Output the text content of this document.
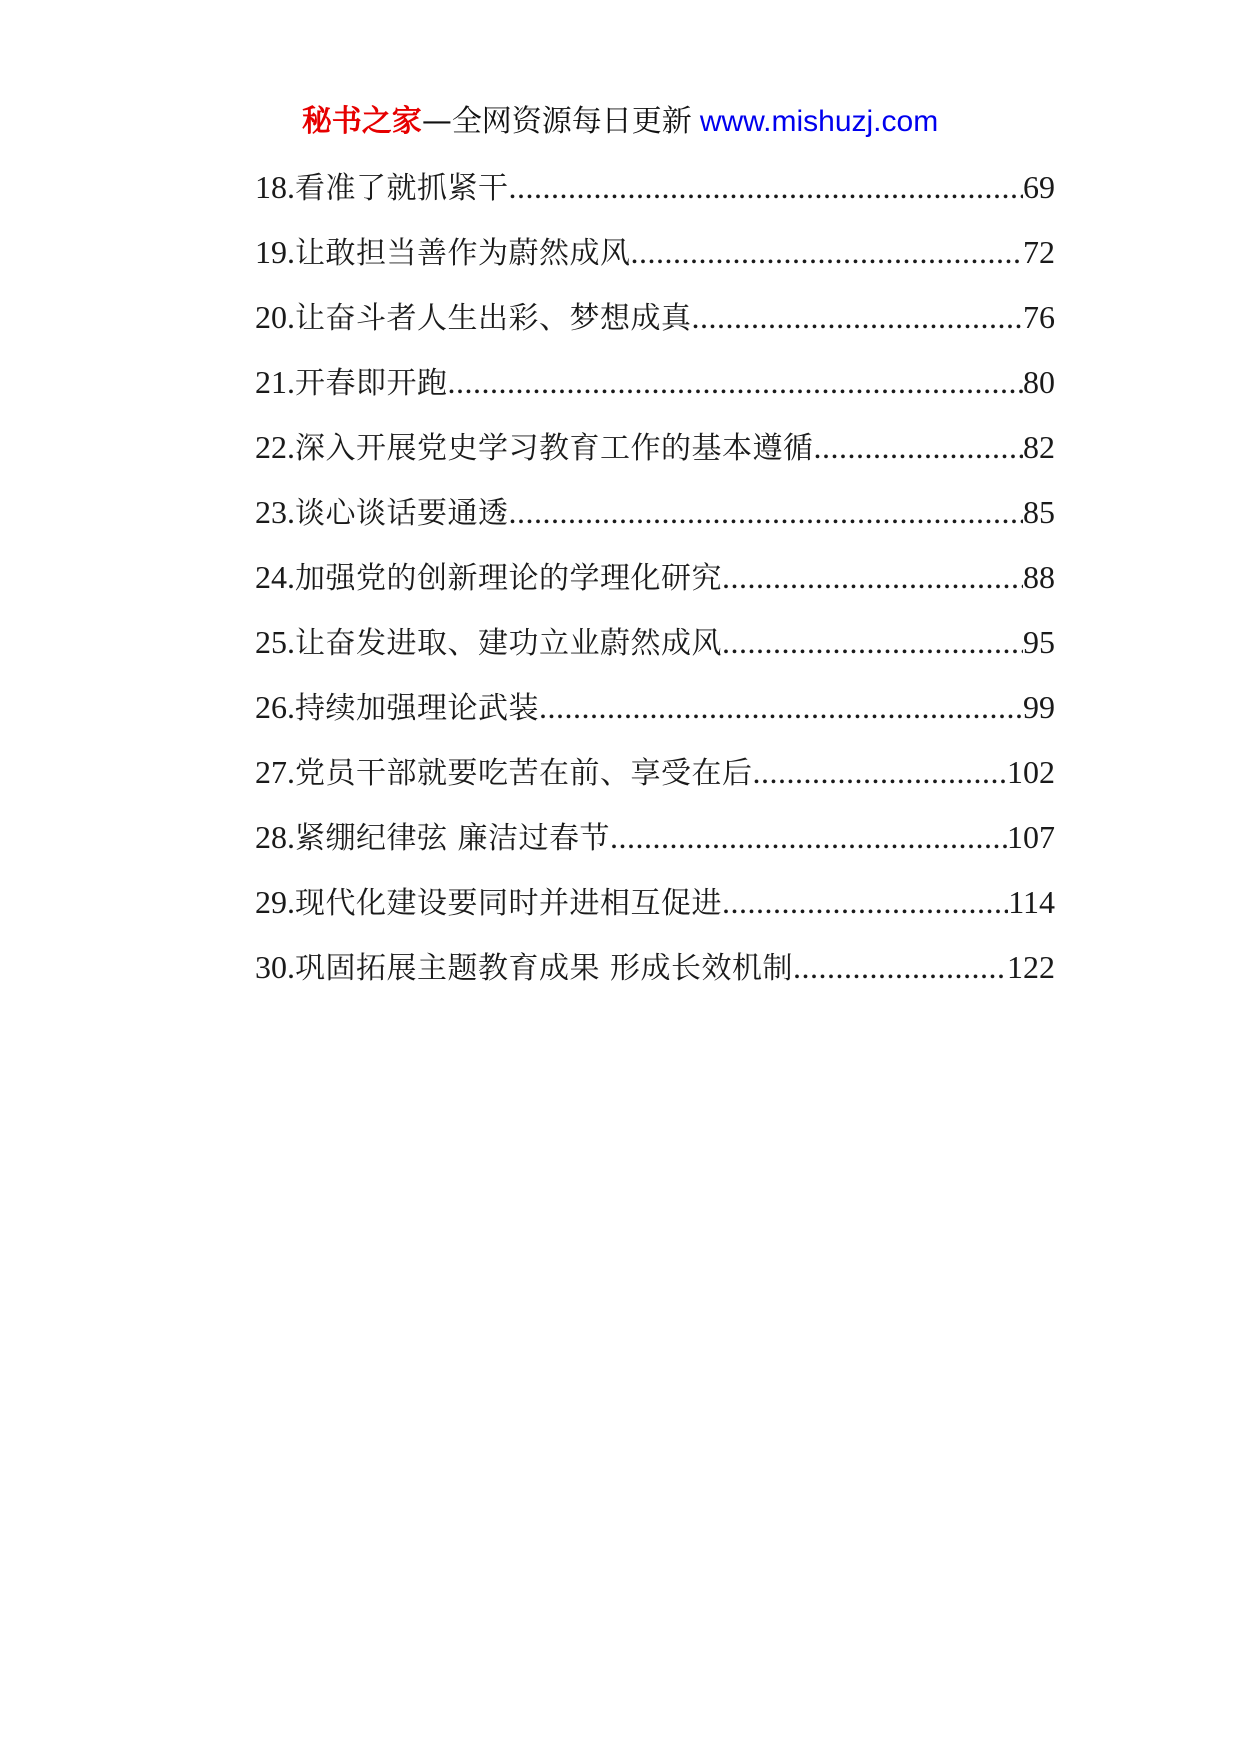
秘书之家—全网资源每日更新 www.mishuzj.com
18. 看准了就抓紧干 .....	69
19. 让敢担当善作为蔚然成风 .....	72
20. 让奋斗者人生出彩、梦想成真 .....	76
21. 开春即开跑 .....	80
22. 深入开展党史学习教育工作的基本遵循 .....	82
23. 谈心谈话要通透 .....	85
24. 加强党的创新理论的学理化研究 .....	88
25. 让奋发进取、建功立业蔚然成风 .....	95
26. 持续加强理论武装 .....	99
27. 党员干部就要吃苦在前、享受在后 .....	102
28. 紧绷纪律弦 廉洁过春节 .....	107
29. 现代化建设要同时并进相互促进 .....	114
30. 巩固拓展主题教育成果 形成长效机制 .....	122
